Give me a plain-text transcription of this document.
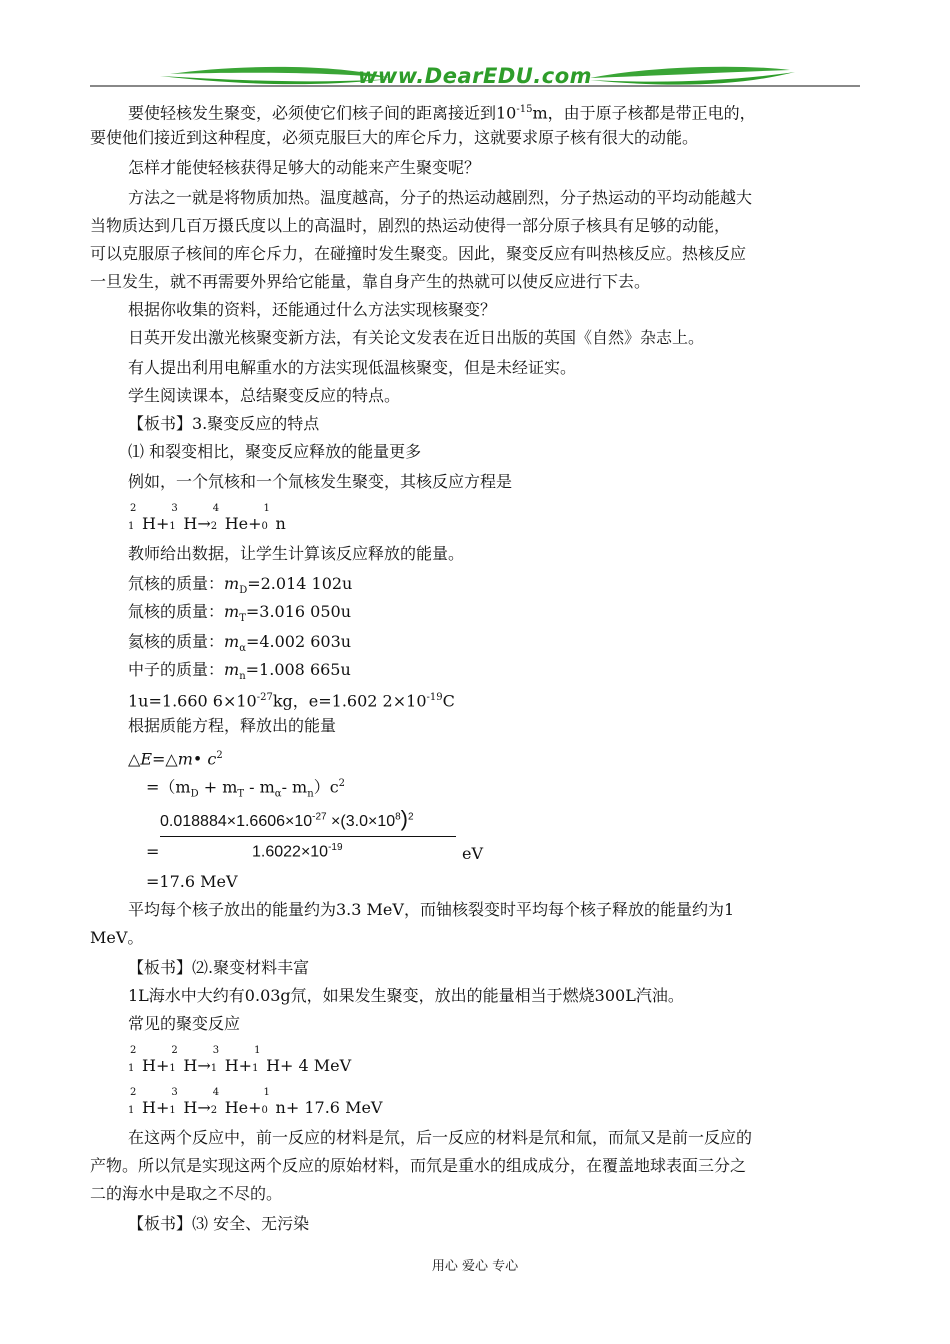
www.DearEDU.com
要使轻核发生聚变，必须使它们核子间的距离接近到$10^{-15}m$，由于原子核都是带正电的，
要使他们接近到这种程度，必须克服巨大的库仑斥力，这就要求原子核有很大的动能。
怎样才能使轻核获得足够大的动能来产生聚变呢？
方法之一就是将物质加热。温度越高，分子的热运动越剧烈，分子热运动的平均动能越大
当物质达到几百万摄氏度以上的高温时，剧烈的热运动使得一部分原子核具有足够的动能，
可以克服原子核间的库仑斥力，在碰撞时发生聚变。因此，聚变反应有叫热核反应。热核反应
一旦发生，就不再需要外界给它能量，靠自身产生的热就可以使反应进行下去。
根据你收集的资料，还能通过什么方法实现核聚变？
日英开发出激光核聚变新方法，有关论文发表在近日出版的英国《自然》杂志上。
有人提出利用电解重水的方法实现低温核聚变，但是未经证实。
学生阅读课本，总结聚变反应的特点。
【板书】3.聚变反应的特点
⑴ 和裂变相比，聚变反应释放的能量更多
例如，一个氘核和一个氚核发生聚变，其核反应方程是
2
1 H+
3
1 H→
4
2 He+
1
0 n
教师给出数据，让学生计算该反应释放的能量。
氘核的质量：$m_D=2.014$ 102u
氚核的质量：$m_T=3.016$ 050u
氦核的质量：$m_\alpha=4.002$ 603u
中子的质量：$m_n=1.008$ 665u
1u=1.660 $6\times 10^{-27}kg$，e=1.602 $2\times 10^{-19}C$
根据质能方程，释放出的能量
△E=△m• $c^2$
$=(m_D + m_T - m_\alpha-$ $m_n)c^2$
$0.018884\times 1.6606\times 10^{-27} \times(3.0\times 10^8)^2$
$1.6022\times 10^{-19}$
=	eV
=17.6 MeV
平均每个核子放出的能量约为3.3 MeV，而铀核裂变时平均每个核子释放的能量约为1
MeV。
【板书】⑵.聚变材料丰富
1L海水中大约有0.03g氘，如果发生聚变，放出的能量相当于燃烧300L汽油。
常见的聚变反应
2
1 H+
2
1 H→
3
1 H+
1
1 H+ 4 MeV
2
1 H+
3
1 H→
4
2 He+
1
0 n+ 17.6 MeV
在这两个反应中，前一反应的材料是氘，后一反应的材料是氘和氚，而氚又是前一反应的
产物。所以氘是实现这两个反应的原始材料，而氘是重水的组成成分，在覆盖地球表面三分之
二的海水中是取之不尽的。
【板书】⑶ 安全、无污染
用心 爱心 专心
